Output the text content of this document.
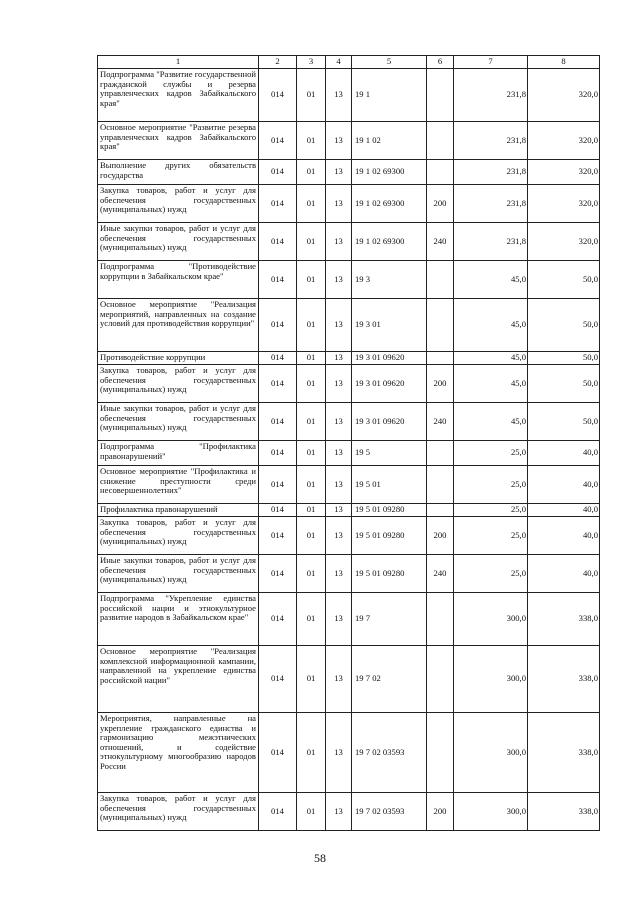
1	2	3	4	5	6	7	8
Подпрограмма "Развитие государственной гражданской службы и резерва управленческих кадров Забайкальского края"	014	01	13	19 1		231,8	320,0
Основное мероприятие "Развитие резерва управленческих кадров Забайкальского края"	014	01	13	19 1 02		231,8	320,0
Выполнение других обязательств государства	014	01	13	19 1 02 69300		231,8	320,0
Закупка товаров, работ и услуг для обеспечения государственных (муниципальных) нужд	014	01	13	19 1 02 69300	200	231,8	320,0
Иные закупки товаров, работ и услуг для обеспечения государственных (муниципальных) нужд	014	01	13	19 1 02 69300	240	231,8	320,0
Подпрограмма "Противодействие коррупции в Забайкальском крае"	014	01	13	19 3		45,0	50,0
Основное мероприятие "Реализация мероприятий, направленных на создание условий для противодействия коррупции"	014	01	13	19 3 01		45,0	50,0
Противодействие коррупции	014	01	13	19 3 01 09620		45,0	50,0
Закупка товаров, работ и услуг для обеспечения государственных (муниципальных) нужд	014	01	13	19 3 01 09620	200	45,0	50,0
Иные закупки товаров, работ и услуг для обеспечения государственных (муниципальных) нужд	014	01	13	19 3 01 09620	240	45,0	50,0
Подпрограмма "Профилактика правонарушений"	014	01	13	19 5		25,0	40,0
Основное мероприятие "Профилактика и снижение преступности среди несовершеннолетних"	014	01	13	19 5 01		25,0	40,0
Профилактика правонарушений	014	01	13	19 5 01 09280		25,0	40,0
Закупка товаров, работ и услуг для обеспечения государственных (муниципальных) нужд	014	01	13	19 5 01 09280	200	25,0	40,0
Иные закупки товаров, работ и услуг для обеспечения государственных (муниципальных) нужд	014	01	13	19 5 01 09280	240	25,0	40,0
Подпрограмма "Укрепление единства российской нации и этнокультурное развитие народов в Забайкальском крае"	014	01	13	19 7		300,0	338,0
Основное мероприятие "Реализация комплексной информационной кампании, направленной на укрепление единства российской нации"	014	01	13	19 7 02		300,0	338,0
Мероприятия, направленные на укрепление гражданского единства и гармонизацию межэтнических отношений, и содействие этнокультурному многообразию народов России	014	01	13	19 7 02 03593		300,0	338,0
Закупка товаров, работ и услуг для обеспечения государственных (муниципальных) нужд	014	01	13	19 7 02 03593	200	300,0	338,0
58
